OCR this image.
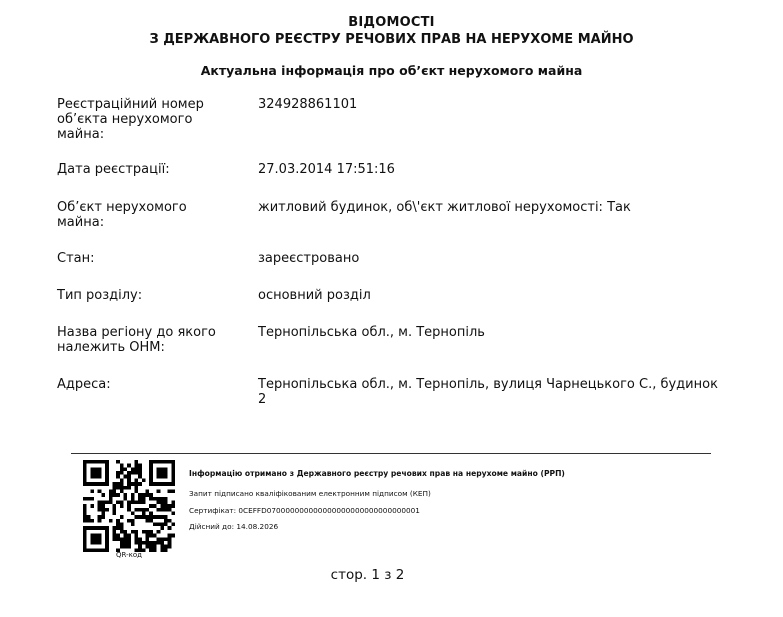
ВІДОМОСТІ
З ДЕРЖАВНОГО РЕЄСТРУ РЕЧОВИХ ПРАВ НА НЕРУХОМЕ МАЙНО
Актуальна інформація про об’єкт нерухомого майна
Реєстраційний номер об’єкта нерухомого майна:
324928861101
Дата реєстрації:	27.03.2014 17:51:16
Об’єкт нерухомого майна:
житловий будинок, об\'єкт житлової нерухомості: Так
Стан:	зареєстровано
Тип розділу:	основний розділ
Назва регіону до якого належить ОНМ:
Тернопільська обл., м. Тернопіль
Адреса:	Тернопільська обл., м. Тернопіль, вулиця Чарнецького С., будинок 2
QR-код
Інформацію отримано з Державного реєстру речових прав на нерухоме майно (РРП)
Запит підписано кваліфікованим електронним підписом (КЕП)
Сертифікат: 0CEFFD070000000000000000000000000000001
Дійсний до: 14.08.2026
стор. 1 з 2
